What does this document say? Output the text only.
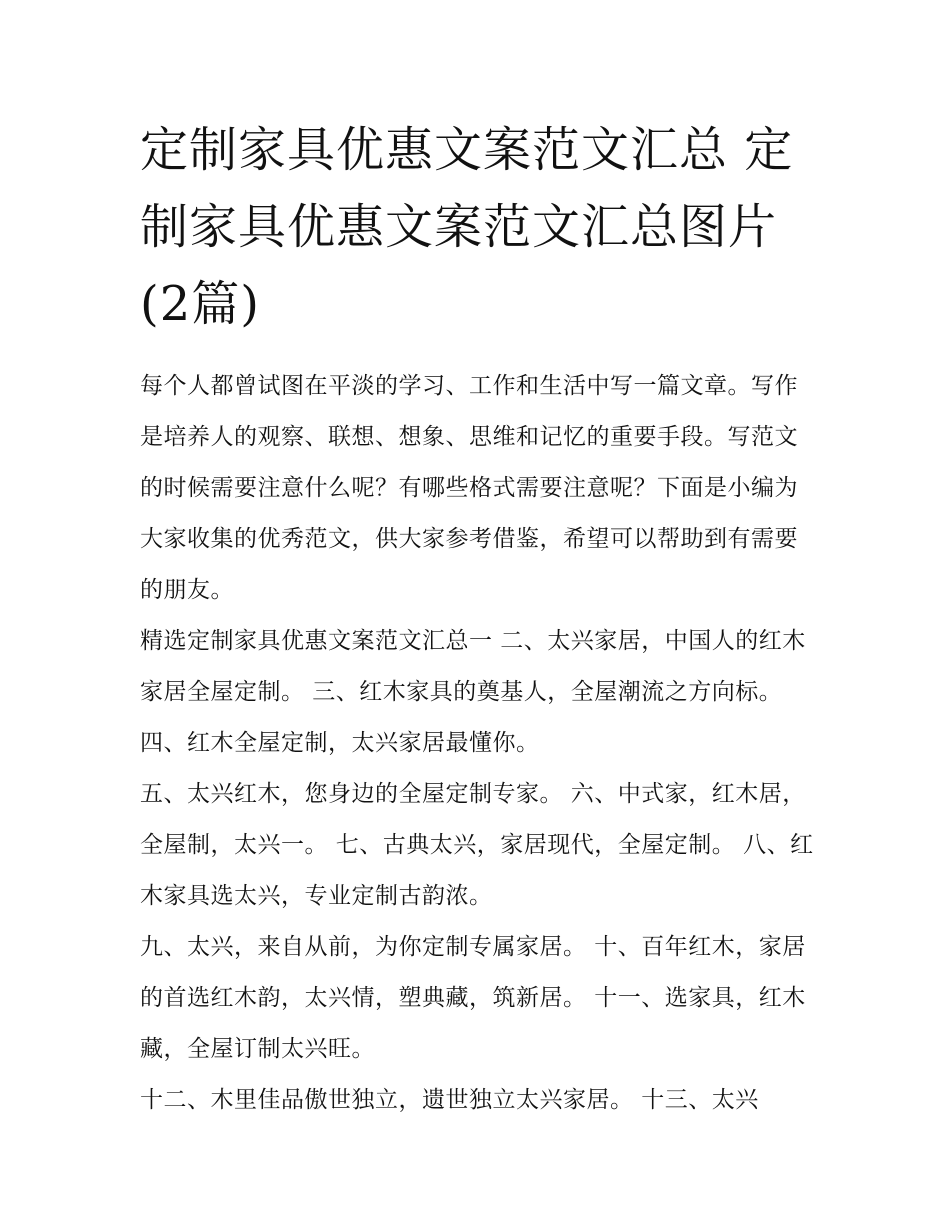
定制家具优惠文案范文汇总 定制家具优惠文案范文汇总图片(2篇)

每个人都曾试图在平淡的学习、工作和生活中写一篇文章。写作是培养人的观察、联想、想象、思维和记忆的重要手段。写范文的时候需要注意什么呢？有哪些格式需要注意呢？下面是小编为大家收集的优秀范文，供大家参考借鉴，希望可以帮助到有需要的朋友。

精选定制家具优惠文案范文汇总一 二、太兴家居，中国人的红木家居全屋定制。 三、红木家具的奠基人，全屋潮流之方向标。 四、红木全屋定制，太兴家居最懂你。

五、太兴红木，您身边的全屋定制专家。 六、中式家，红木居，全屋制，太兴一。 七、古典太兴，家居现代，全屋定制。 八、红木家具选太兴，专业定制古韵浓。

九、太兴，来自从前，为你定制专属家居。 十、百年红木，家居的首选红木韵，太兴情，塑典藏，筑新居。 十一、选家具，红木藏，全屋订制太兴旺。

十二、木里佳品傲世独立，遗世独立太兴家居。 十三、太兴
